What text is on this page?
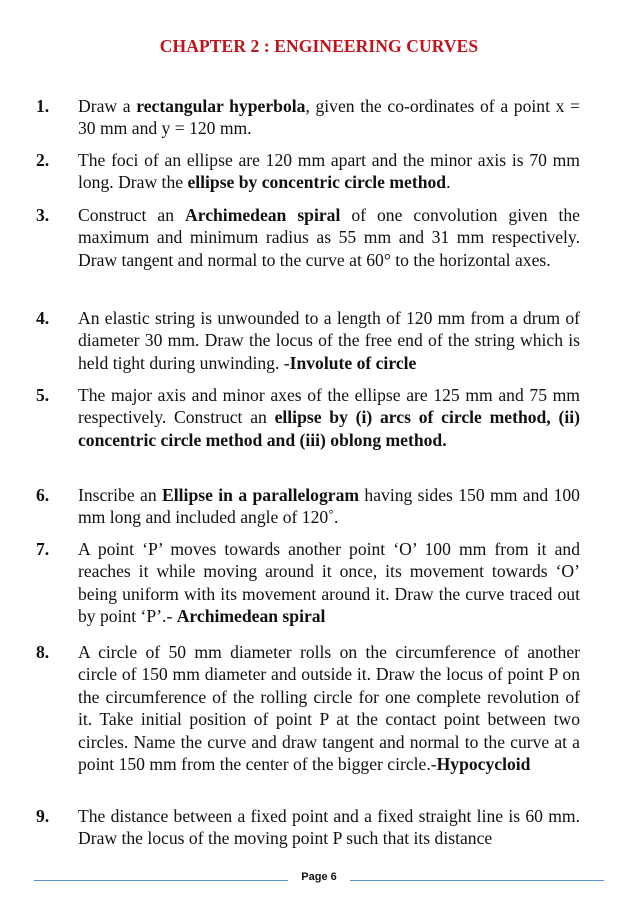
CHAPTER 2 : ENGINEERING CURVES
1. Draw a rectangular hyperbola, given the co-ordinates of a point x = 30 mm and y = 120 mm.
2. The foci of an ellipse are 120 mm apart and the minor axis is 70 mm long. Draw the ellipse by concentric circle method.
3. Construct an Archimedean spiral of one convolution given the maximum and minimum radius as 55 mm and 31 mm respectively. Draw tangent and normal to the curve at 60° to the horizontal axes.
4. An elastic string is unwounded to a length of 120 mm from a drum of diameter 30 mm. Draw the locus of the free end of the string which is held tight during unwinding. -Involute of circle
5. The major axis and minor axes of the ellipse are 125 mm and 75 mm respectively. Construct an ellipse by (i) arcs of circle method, (ii) concentric circle method and (iii) oblong method.
6. Inscribe an Ellipse in a parallelogram having sides 150 mm and 100 mm long and included angle of 120˚.
7. A point ‘P’ moves towards another point ‘O’ 100 mm from it and reaches it while moving around it once, its movement towards ‘O’ being uniform with its movement around it. Draw the curve traced out by point ‘P’.- Archimedean spiral
8. A circle of 50 mm diameter rolls on the circumference of another circle of 150 mm diameter and outside it. Draw the locus of point P on the circumference of the rolling circle for one complete revolution of it. Take initial position of point P at the contact point between two circles. Name the curve and draw tangent and normal to the curve at a point 150 mm from the center of the bigger circle.-Hypocycloid
9. The distance between a fixed point and a fixed straight line is 60 mm. Draw the locus of the moving point P such that its distance
Page 6
